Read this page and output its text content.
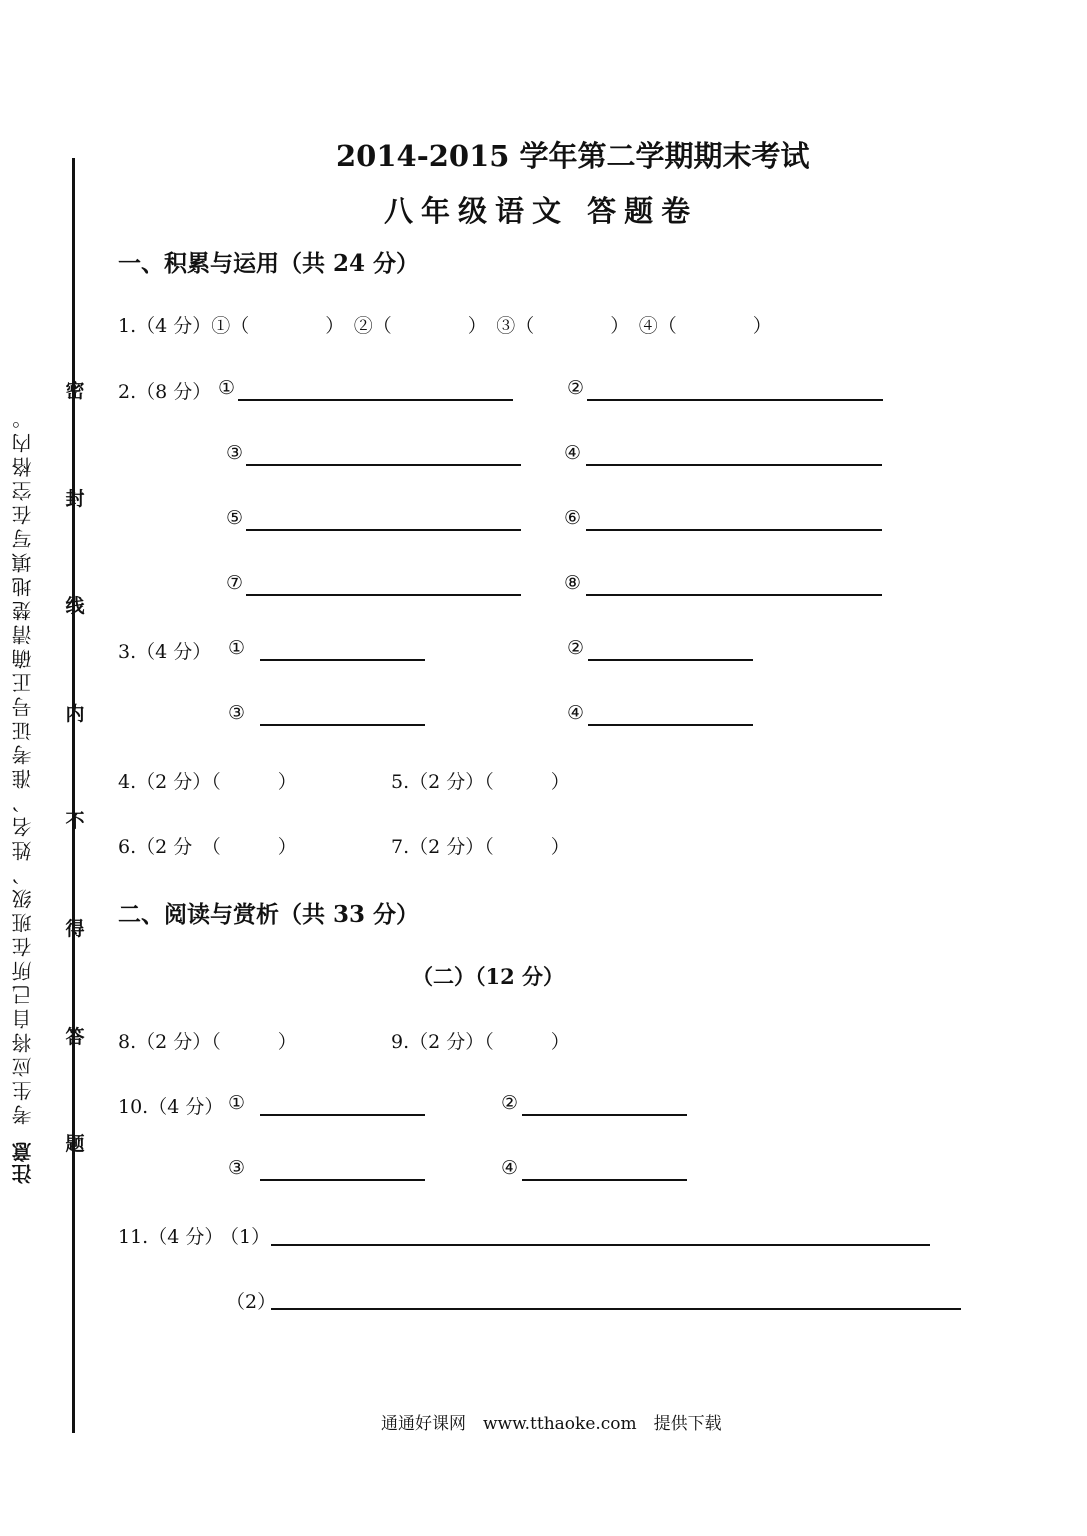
注意
考生应将自己所在班级、姓名、准考证号正确清楚地填写在空格内。
密
封
线
内
不
得
答
题
2014-2015 学年第二学期期末考试
八年级语文 答题卷
一、积累与运用（共 24 分）
1.（4 分）①（　　　　）　②（　　　　）　③（　　　　）　④（　　　　）
2.（8 分） ①	②
③	④
⑤	⑥
⑦	⑧
3.（4 分） ①	②
③	④
4.（2 分）（　　　）	5.（2 分）（　　　）
6.（2 分　（　　　）	7.（2 分）（　　　）
二、阅读与赏析（共 33 分）
（二）（12 分）
8.（2 分）（　　　）	9.（2 分）（　　　）
10.（4 分） ①	②
③	④
11.（4 分）
（1）
（2）
通通好课网　www.tthaoke.com　提供下载
